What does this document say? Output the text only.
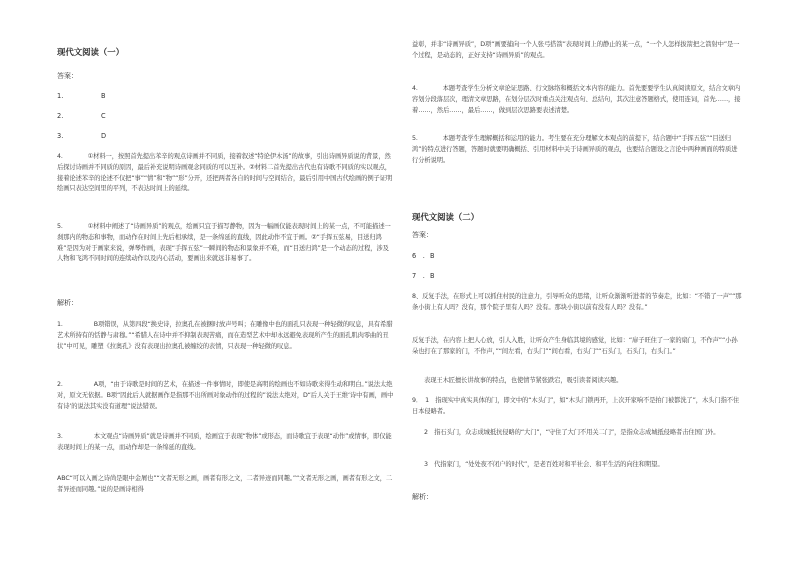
现代文阅读（一）
答案：
1.	B
2.	C
3.	D

4.　　　　①材料一，按照首先提出苯辛的观点诗画并不同质，接着叙述“特论伊木汤”的故事，引出诗画异质说的背景，然后探讨诗画并不同质的原因，最后补充说明诗画观念同质的可以互补。②材料二首先提出古代也有诗歌不同质的实以观点，接着论述苯辛的论述不仅把“事”“情”和“物”“形”分开，还把两者各自的时间与空间结合，最后引用中国古代绘画的例子证明绘画只表达空间里的平列，不表达时间上的延续。

5.　　　　①材料中阐述了“诗画异质”的观点，绘画只宜于描写静物，因为一幅画仅能表现时间上的某一点，不可能描述一刹那内的物态和事物，而动作在时间上先后相承续，是一条绵延的直线，因此动作不宜于画。②“手挥五弦易，目送归鸿难”是因为对于画家来说，弹琴作画，表现“手挥五弦”一瞬间的物态和景象并不难，而“目送归鸿”是一个动态的过程，涉及人物和飞鸿不同时间的连续动作以及内心活动，要画出来就远非易事了。

解析：

1.　　　　　B项错误，从第四段“换史诗，拉奥孔在被捆时放声号叫；在雕像中也的面孔只表现一种轻微的叹息，具有希腊艺术所持有的恬静与肃穆。”“希腊人在诗中并不抑制表现苦痛，而在造型艺术中却永远避免表现所产生的面孔肌肉零曲的丑状”中可见，雕塑《拉奥孔》没有表现出拉奥孔被缠绞的表情，只表现一种轻微的叹息。

2.　　　　　A项，“由于诗歌是时间的艺术，在描述一件事情时，即使是高明的绘画也不如诗歌来得生动和明白。”说法太绝对，原文无依据。B项“因此后人就据画作是指那不出所画对象动作的过程的”说法太绝对，D“后人关于王维‘诗中有画，画中有诗’的说法其实没有道理”说法错误。

3.　　　　　本文观点“诗画异质”就是诗画并不同质，绘画宜于表现“物体”或形态，而诗歌宜于表现“动作”或情事，即仅能表现时间上的某一点，而动作却是一条绵延的直线。

ABC“可以入画之诗尚是眼中金屑也”“文者无形之画，画者有形之文，二者异迹而同趣。”“文者无形之画，画者有形之文，二者异迹而同趣。”说的是画诗相得

益彰，并非“诗画异质”，D项“画要捕向一个人张弓搭箭”表现时间上的静止的某一点，“一个人怎样拔箭把之箭射中”是一个过程，是动态的，正好支持“诗画异质”的观点。

4.　　　　本题考查学生分析文章论证思路、行文脉络和概括文本内容的能力。首先要要学生认真阅读原文，结合文章内容划分段落层次，理清文章思路，在划分层次时重点关注观点句、总结句，其次注意答题格式，使用连词，首先……，接着……，然后……，最后……，做到层次思路要表述清楚。

5.　　　　本题考查学生理解概括和运用的能力。考生要在充分理解文本观点的前提下，结合题中“手挥五弦”“目送归鸿”的特点进行答题，答题时就要明确概括、引用材料中关于诗画异质的观点，也要结合题设之言论中两种画面的特质进行分析说明。

现代文阅读（二）
答案：
6　. B
7　. B

8、反复手法，在形式上可以抓住村民的注意力，引导听众的思绪，让听众渐渐听进者的节奏走，比如：“不错了一声”“那条小街上有人吗？没有，那个院子里有人吗？没有。那块小街以前有没有人吗？没有。”

反复手法，在内容上把人心放，引人入胜，让听众产生身临其境的感觉，比如：“扉子旺住了一家的扇门，不作声”“小孙朵也打在了那家的门，不作声，”“间左看，右头门”“间右看，右头门”“石头门，石头门，右头门。”

表现王木匠擅长讲故事的特点，也使情节紧张跌宕，吸引读者阅读兴趣。

9．　1　指现实中真实具体的门，即文中的“木头门”，如“木头门锁再开，上次开家响不是拍门被都洗了”，木头门指不住日本侵略者。

2　指石头门，众志成城抵抗侵略的“大门”，“守住了大门不用关二门”，是指众志成城抵侵略者击住国门外。

3　代指家门，“处处夜不闭户的时代”，是老百姓对和平社会、和平生活的向往和期望。

解析：
